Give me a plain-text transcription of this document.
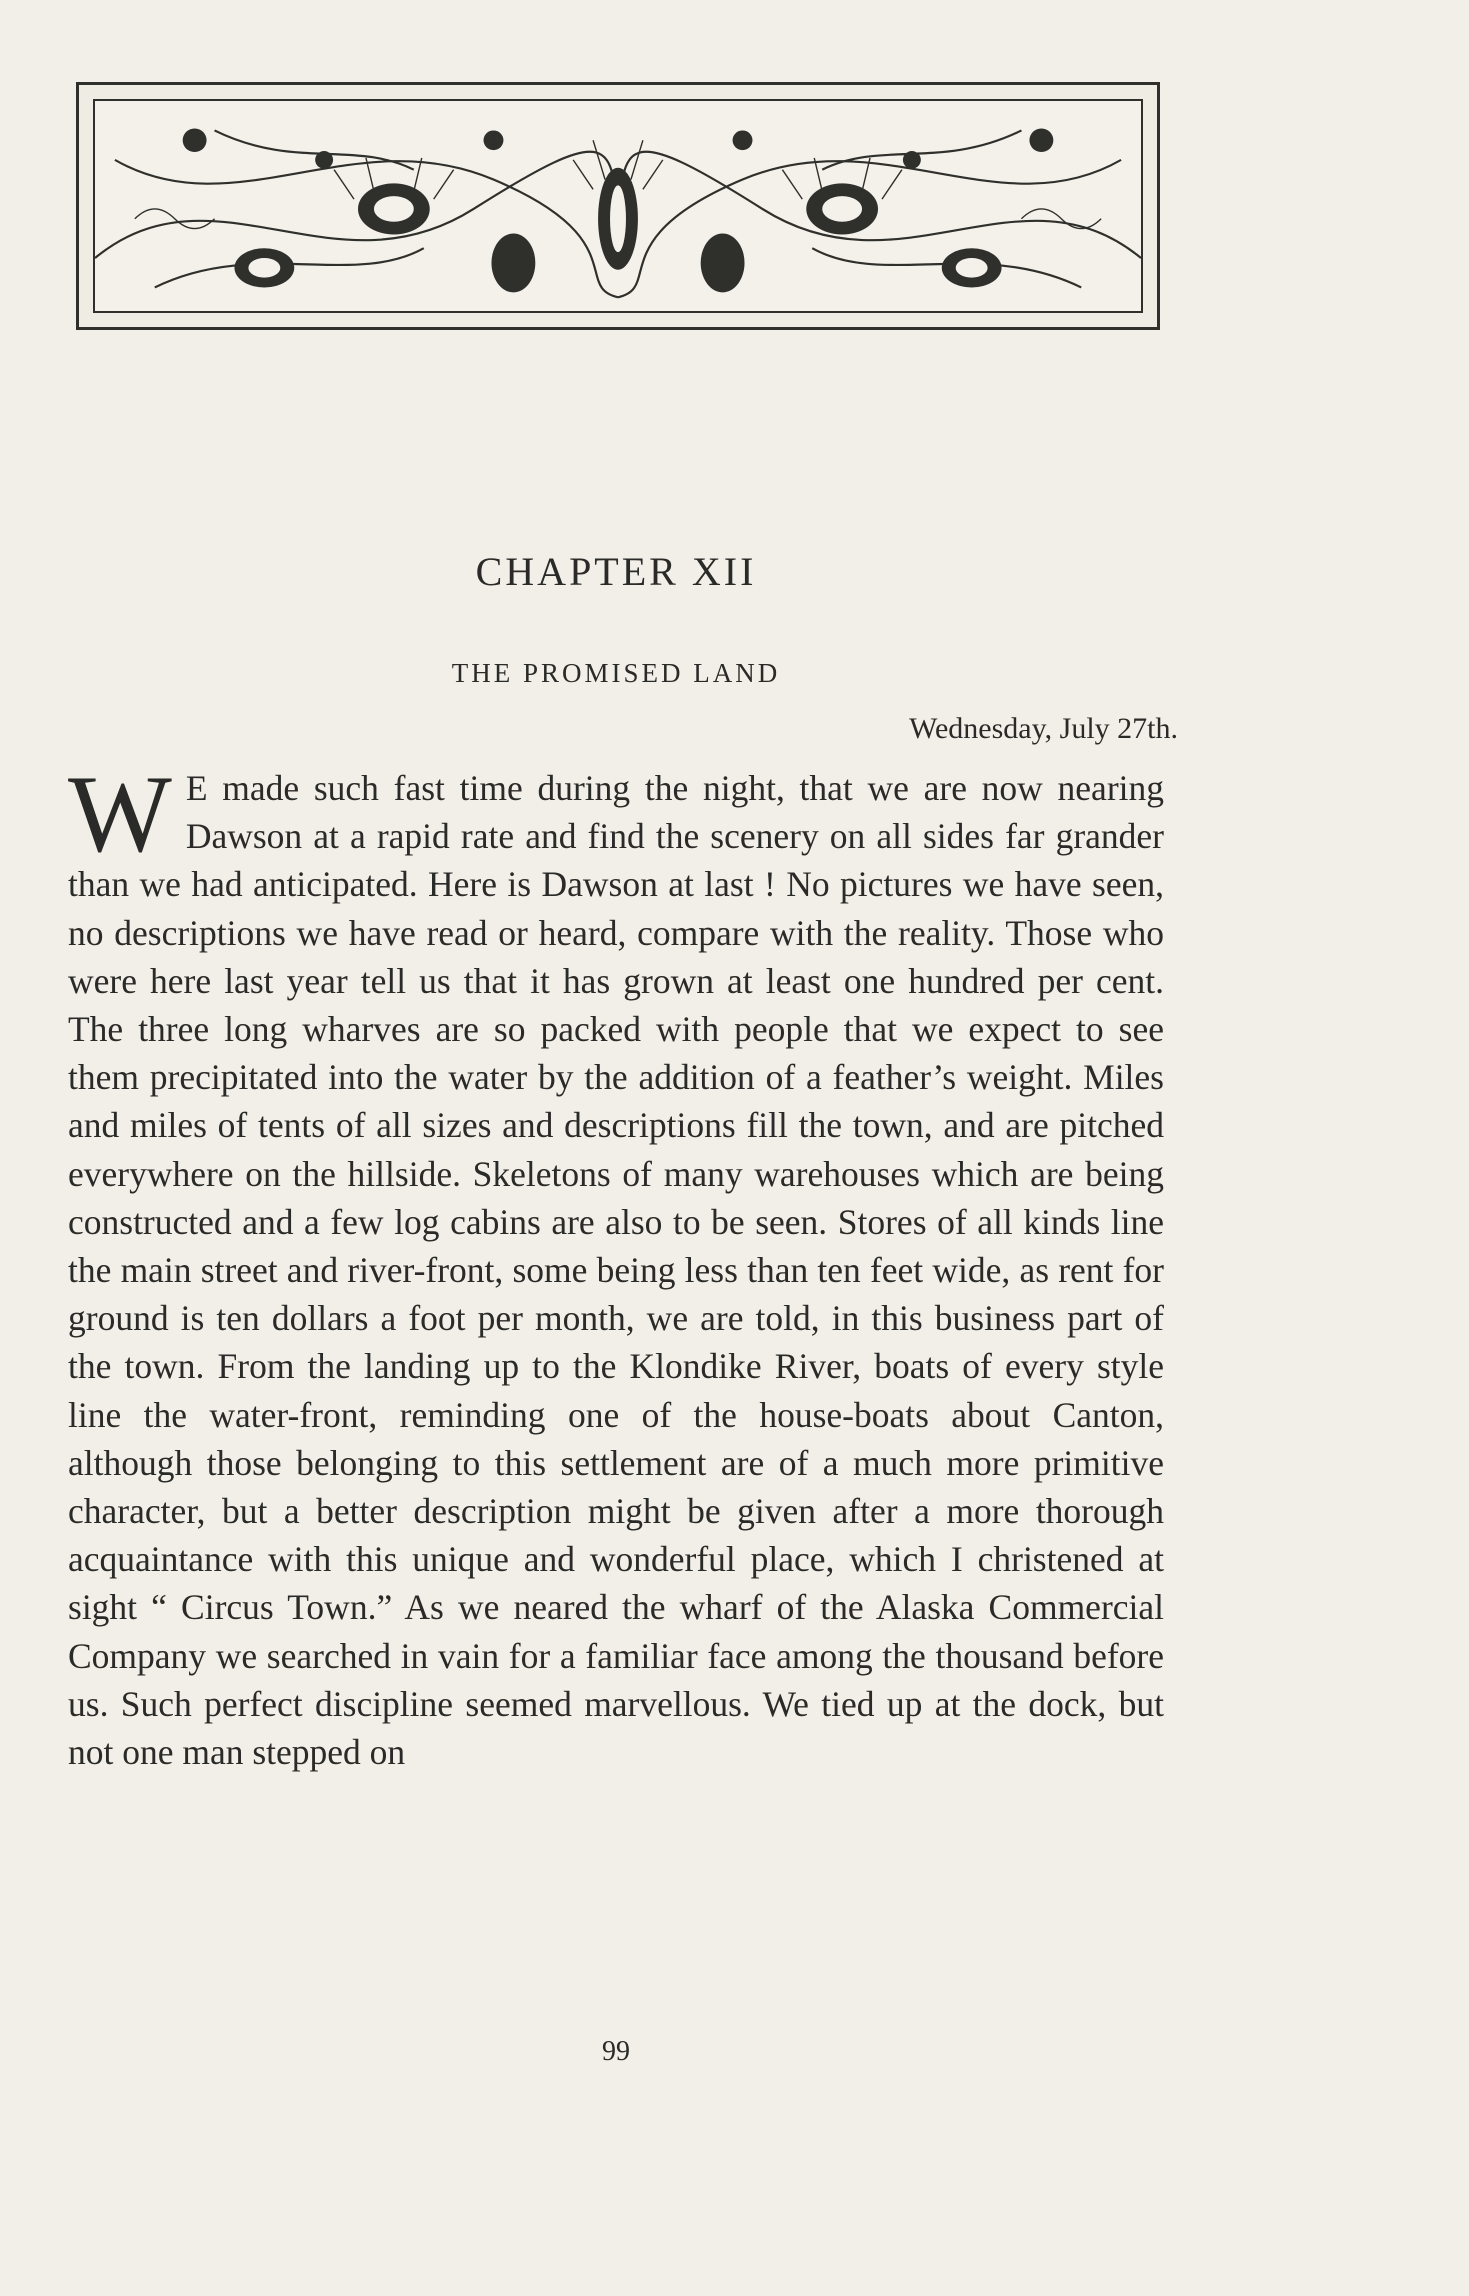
CHAPTER XII
THE PROMISED LAND

Wednesday, July 27th.

W E made such fast time during the night, that we are now nearing Dawson at a rapid rate and find the scenery on all sides far grander than we had anticipated. Here is Dawson at last ! No pictures we have seen, no descriptions we have read or heard, compare with the reality. Those who were here last year tell us that it has grown at least one hundred per cent. The three long wharves are so packed with people that we expect to see them precipitated into the water by the addition of a feather’s weight. Miles and miles of tents of all sizes and descriptions fill the town, and are pitched everywhere on the hillside. Skeletons of many warehouses which are being constructed and a few log cabins are also to be seen. Stores of all kinds line the main street and river-front, some being less than ten feet wide, as rent for ground is ten dollars a foot per month, we are told, in this business part of the town. From the landing up to the Klondike River, boats of every style line the water-front, reminding one of the house-boats about Canton, although those belonging to this settlement are of a much more primitive character, but a better description might be given after a more thorough acquaintance with this unique and wonderful place, which I christened at sight “ Circus Town.” As we neared the wharf of the Alaska Commercial Company we searched in vain for a familiar face among the thousand before us. Such perfect discipline seemed marvellous. We tied up at the dock, but not one man stepped on

99
